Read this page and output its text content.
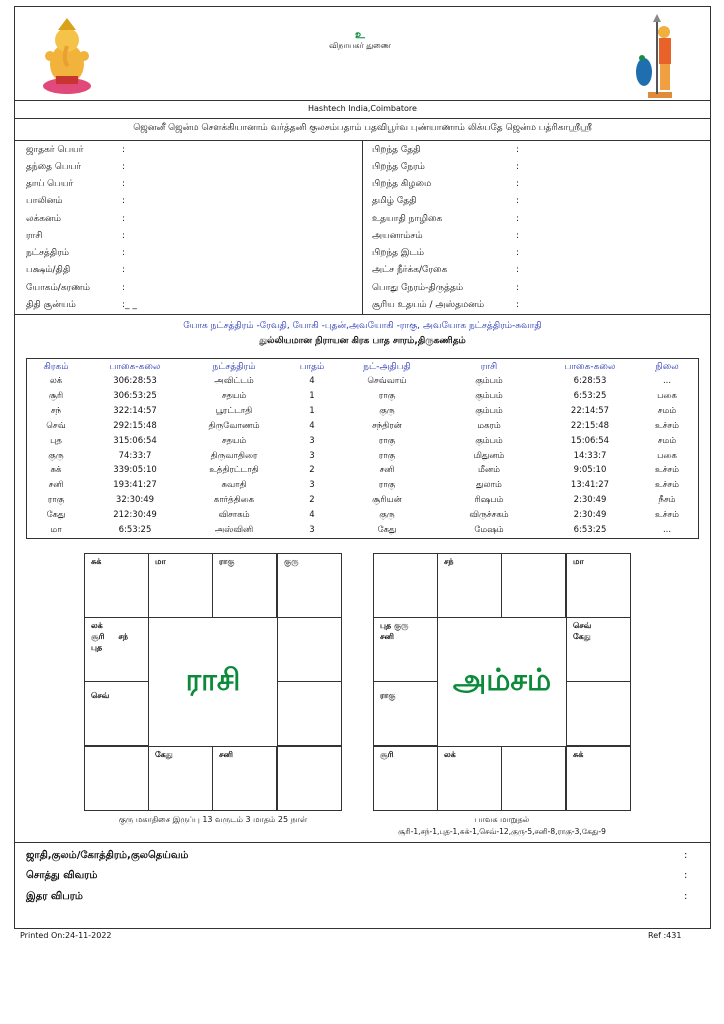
உ
விநாயகர் துணை
Hashtech India,Coimbatore
ஜெனனீ ஜென்ம சௌக்கியானாம் வர்த்தனி குலசம்பதாம் பதவிபூர்வ புண்யாணாம் லிக்யதே ஜென்ம பத்ரிகாஸ்ரீஸ்ரீ
ஜாதகர் பெயர்	:
தந்தை பெயர்	:
தாய் பெயர்	:
பாலினம்	:
லக்கனம்	:
ராசி	:
நட்சத்திரம்	:
பக்ஷம்/திதி	:
யோகம்/கரணம்	:
திதி சூன்யம்	:_ _
பிறந்த தேதி	:
பிறந்த நேரம்	:
பிறந்த கிழமை	:
தமிழ் தேதி	:
உதயாதி நாழிகை	:
அயனாம்சம்	:
பிறந்த இடம்	:
அட்ச நீர்க்க/ரேகை	:
பொது நேரம்-திருத்தம்	:
சூரிய உதயம் / அஸ்தமனம்	:
யோக நட்சத்திரம் -ரேவதி, யோகி -புதன்,அவயோகி -ராகு, அவயோக நட்சத்திரம்-சுவாதி
துல்லியமான நிராயன கிரக பாத சாரம்,திருகணிதம்
கிரகம்	பாகை-கலை	நட்சத்திரம்	பாதம்	நட்-அதிபதி	ராசி	பாகை-கலை	நிலை
லக்	306:28:53	அவிட்டம்	4	செவ்வாய்	கும்பம்	6:28:53	...
சூரி	306:53:25	சதயம்	1	ராகு	கும்பம்	6:53:25	பகை
சந்	322:14:57	பூரட்டாதி	1	குரு	கும்பம்	22:14:57	சமம்
செவ்	292:15:48	திருவோணம்	4	சந்திரன்	மகரம்	22:15:48	உச்சம்
புத	315:06:54	சதயம்	3	ராகு	கும்பம்	15:06:54	சமம்
குரு	74:33:7	திருவாதிரை	3	ராகு	மிதுனம்	14:33:7	பகை
சுக்	339:05:10	உத்திரட்டாதி	2	சனி	மீனம்	9:05:10	உச்சம்
சனி	193:41:27	சுவாதி	3	ராகு	துலாம்	13:41:27	உச்சம்
ராகு	32:30:49	கார்த்திகை	2	சூரியன்	ரிஷபம்	2:30:49	நீசம்
கேது	212:30:49	விசாகம்	4	குரு	விருச்சகம்	2:30:49	உச்சம்
மா	6:53:25	அஸ்வினி	3	கேது	மேஷம்	6:53:25	...
சுக்	மா	ராகு	குரு
லக்
சூரி சந்
புத
செவ்
கேது	சனி
ராசி
குரு மகாதிசை இருப்பு 13 வருடம் 3 மாதம் 25 நாள்
சந்	மா
புத குரு
சனி
செவ்
கேது
ராகு
சூரி	லக்	சுக்
அம்சம்
பாவக மாறுதல்
சூரி-1,சந்-1,புத-1,சுக்-1,செவ்-12,குரு-5,சனி-8,ராகு-3,கேது-9
ஜாதி,குலம்/கோத்திரம்,குலதெய்வம்	:
சொத்து விவரம்	:
இதர விபரம்	:
Printed On:24-11-2022	Ref :431
